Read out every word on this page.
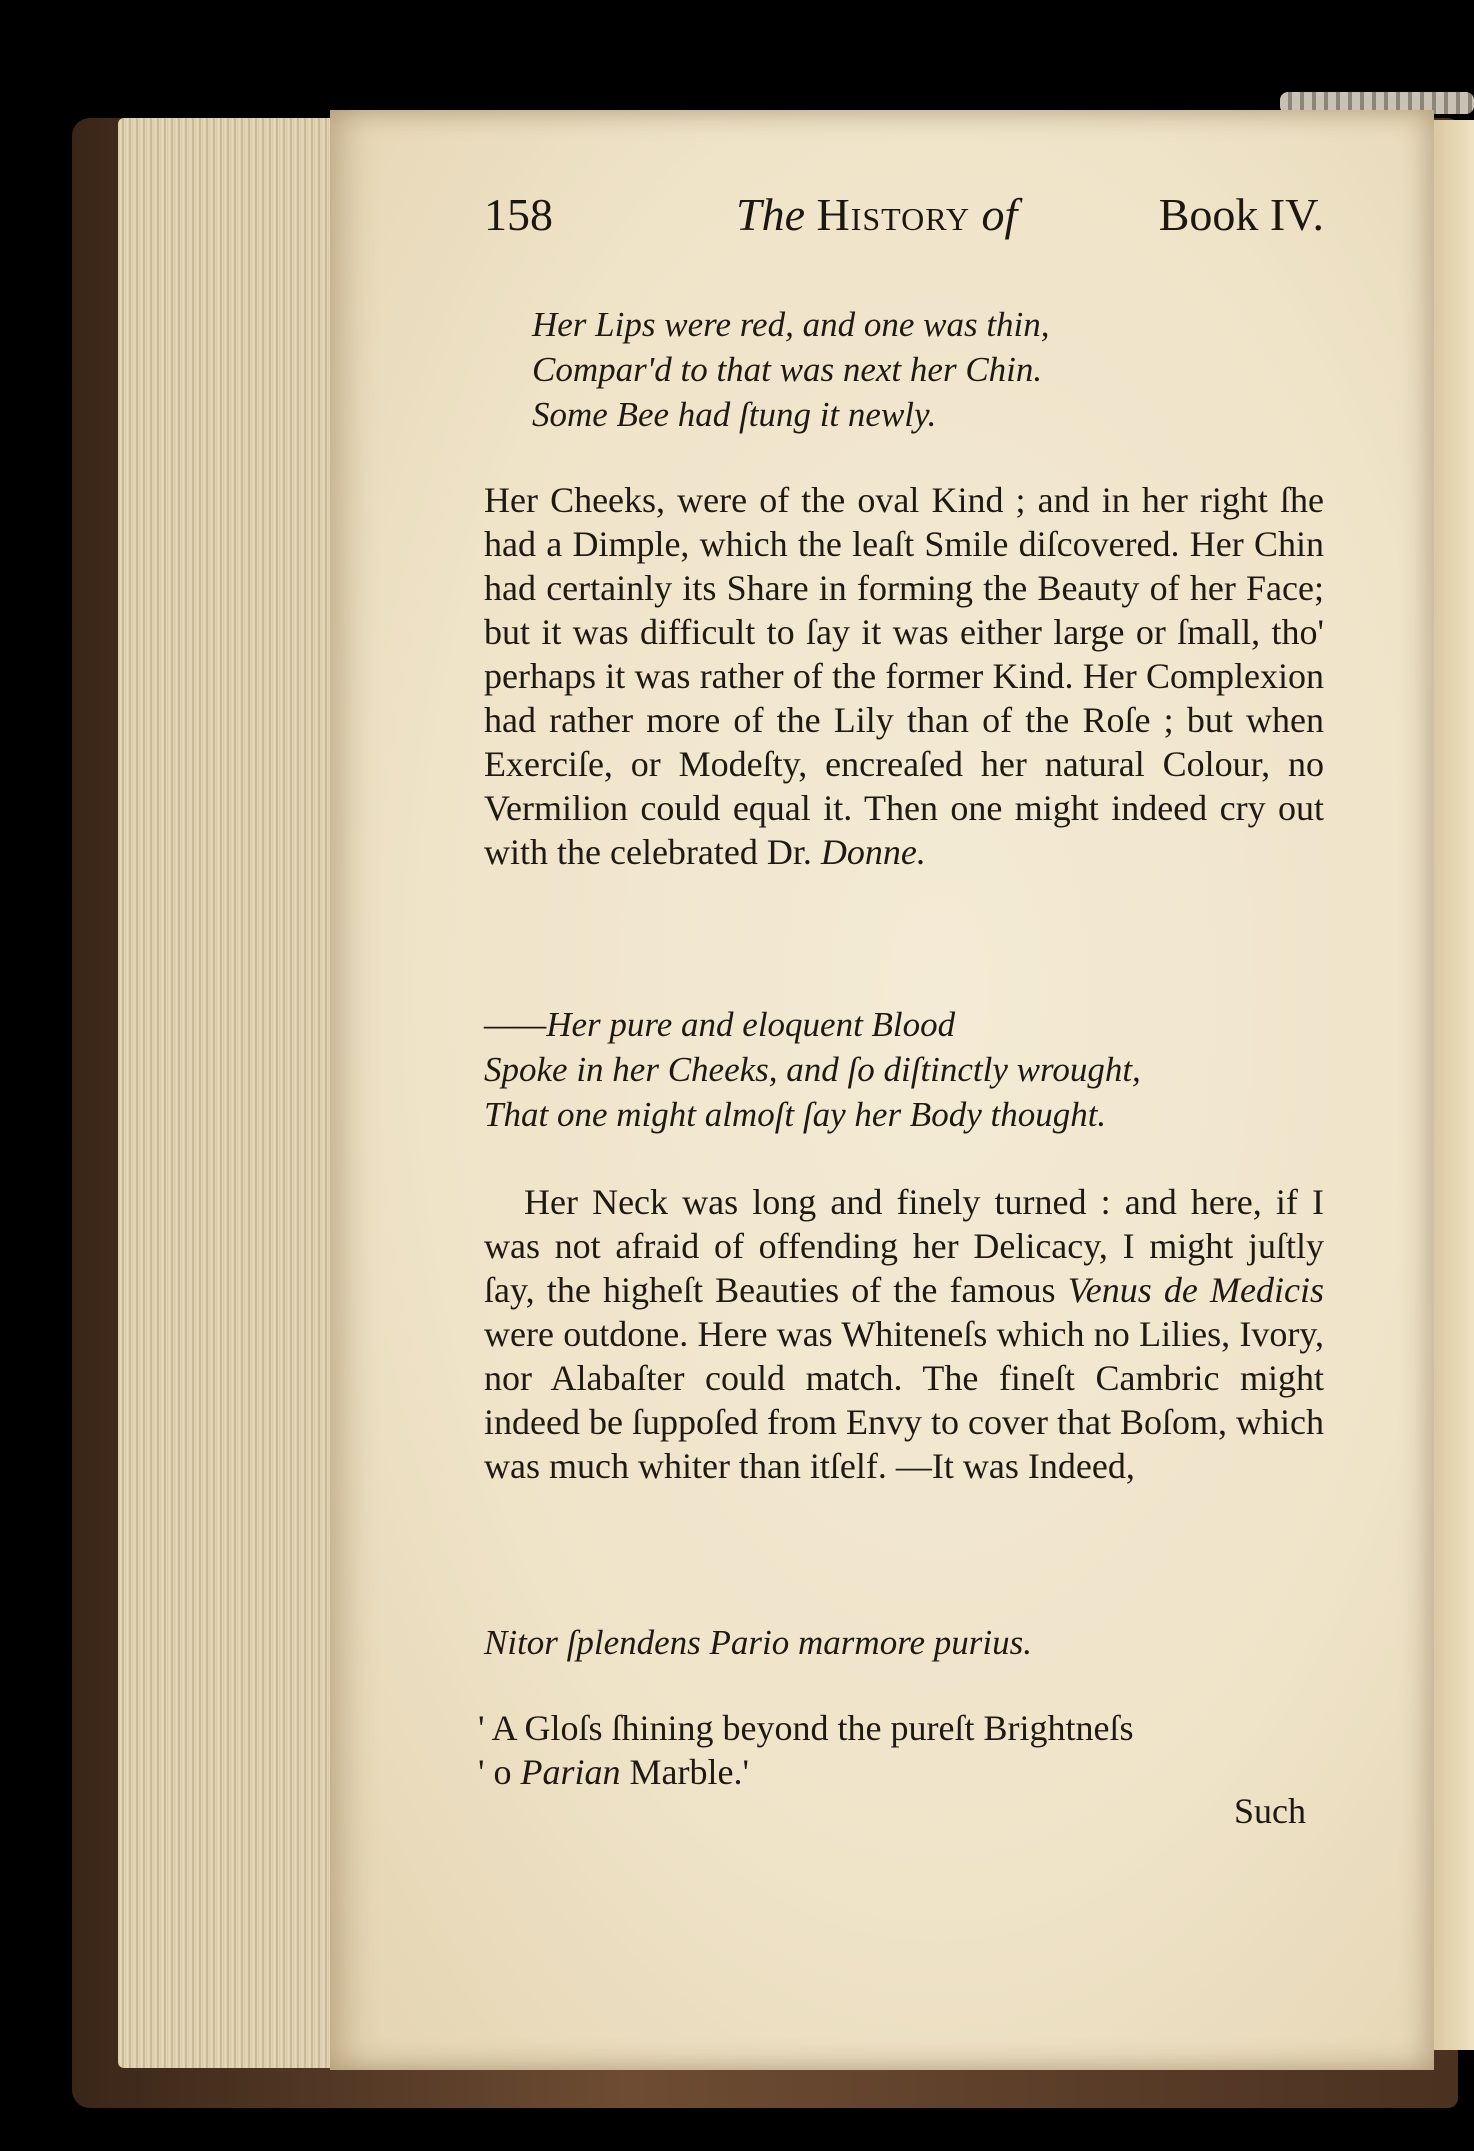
158	The History of	Book IV.
Her Lips were red, and one was thin,
Compar'd to that was next her Chin.
Some Bee had ſtung it newly.
Her Cheeks, were of the oval Kind ; and in her right ſhe had a Dimple, which the leaſt Smile diſcovered. Her Chin had certainly its Share in forming the Beauty of her Face; but it was difficult to ſay it was either large or ſmall, tho' perhaps it was rather of the former Kind. Her Complexion had rather more of the Lily than of the Roſe ; but when Exerciſe, or Modeſty, encreaſed her natural Colour, no Vermilion could equal it. Then one might indeed cry out with the celebrated Dr. Donne.
——Her pure and eloquent Blood
Spoke in her Cheeks, and ſo diſtinctly wrought,
That one might almoſt ſay her Body thought.
Her Neck was long and finely turned : and here, if I was not afraid of offending her Delicacy, I might juſtly ſay, the higheſt Beauties of the famous Venus de Medicis were outdone. Here was Whiteneſs which no Lilies, Ivory, nor Alabaſter could match. The fineſt Cambric might indeed be ſuppoſed from Envy to cover that Boſom, which was much whiter than itſelf. —It was Indeed,
Nitor ſplendens Pario marmore purius.
' A Gloſs ſhining beyond the pureſt Brightneſs
' o Parian Marble.'
Such
